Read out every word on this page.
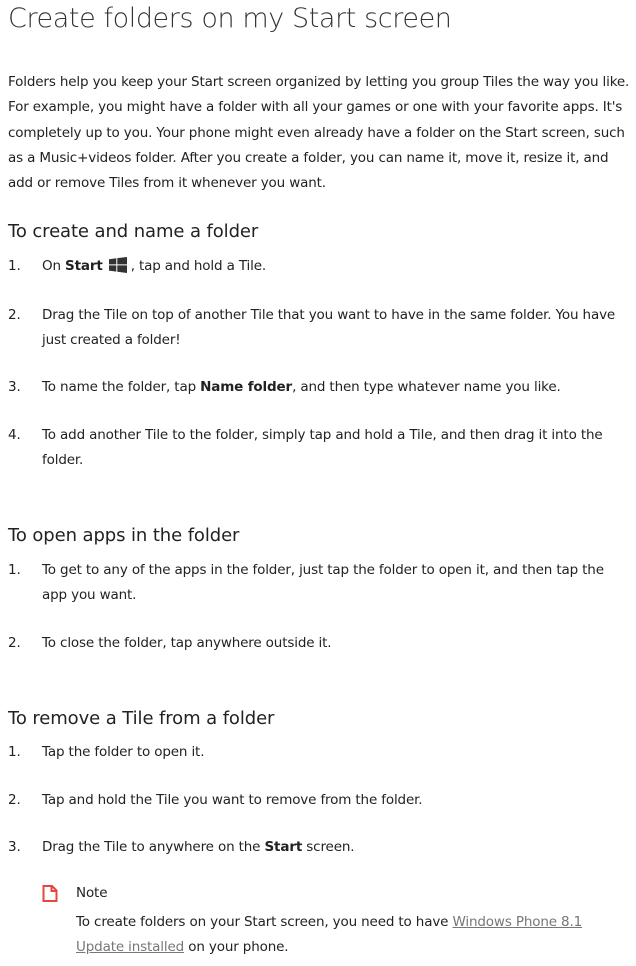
Create folders on my Start screen

Folders help you keep your Start screen organized by letting you group Tiles the way you like. For example, you might have a folder with all your games or one with your favorite apps. It's completely up to you. Your phone might even already have a folder on the Start screen, such as a Music+videos folder. After you create a folder, you can name it, move it, resize it, and add or remove Tiles from it whenever you want.

To create and name a folder
1.	On Start , tap and hold a Tile.
2.	Drag the Tile on top of another Tile that you want to have in the same folder. You have just created a folder!
3.	To name the folder, tap Name folder, and then type whatever name you like.
4.	To add another Tile to the folder, simply tap and hold a Tile, and then drag it into the folder.
To open apps in the folder
1.	To get to any of the apps in the folder, just tap the folder to open it, and then tap the app you want.
2.	To close the folder, tap anywhere outside it.
To remove a Tile from a folder
1.	Tap the folder to open it.
2.	Tap and hold the Tile you want to remove from the folder.
3.	Drag the Tile to anywhere on the Start screen.
Note
To create folders on your Start screen, you need to have Windows Phone 8.1 Update installed on your phone.
